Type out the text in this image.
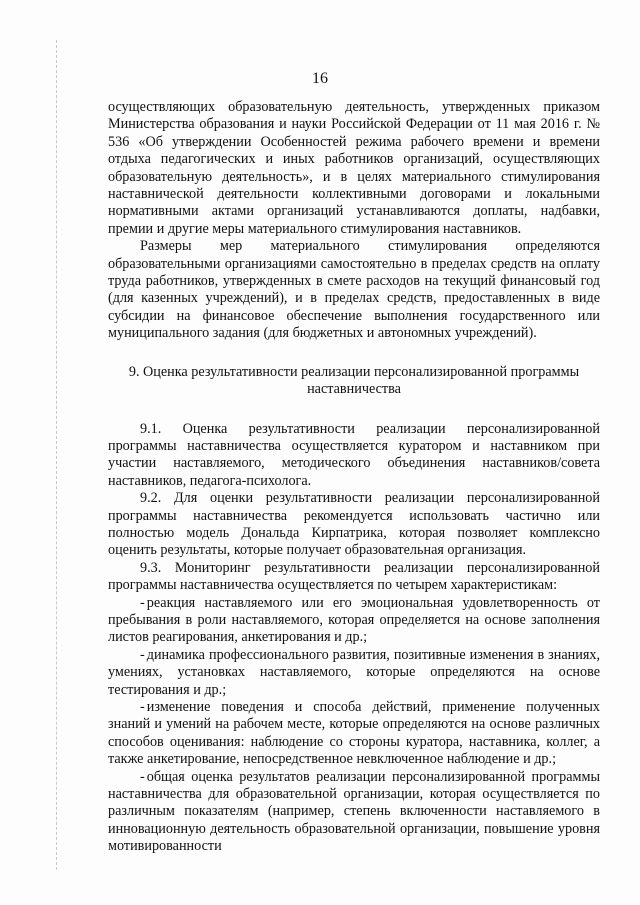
16

осуществляющих образовательную деятельность, утвержденных приказом Министерства образования и науки Российской Федерации от 11 мая 2016 г. № 536 «Об утверждении Особенностей режима рабочего времени и времени отдыха педагогических и иных работников организаций, осуществляющих образовательную деятельность», и в целях материального стимулирования наставнической деятельности коллективными договорами и локальными нормативными актами организаций устанавливаются доплаты, надбавки, премии и другие меры материального стимулирования наставников.

Размеры мер материального стимулирования определяются образовательными организациями самостоятельно в пределах средств на оплату труда работников, утвержденных в смете расходов на текущий финансовый год (для казенных учреждений), и в пределах средств, предоставленных в виде субсидии на финансовое обеспечение выполнения государственного или муниципального задания (для бюджетных и автономных учреждений).

9. Оценка результативности реализации персонализированной программы наставничества

9.1. Оценка результативности реализации персонализированной программы наставничества осуществляется куратором и наставником при участии наставляемого, методического объединения наставников/совета наставников, педагога-психолога.

9.2. Для оценки результативности реализации персонализированной программы наставничества рекомендуется использовать частично или полностью модель Дональда Кирпатрика, которая позволяет комплексно оценить результаты, которые получает образовательная организация.

9.3. Мониторинг результативности реализации персонализированной программы наставничества осуществляется по четырем характеристикам:

- реакция наставляемого или его эмоциональная удовлетворенность от пребывания в роли наставляемого, которая определяется на основе заполнения листов реагирования, анкетирования и др.;
- динамика профессионального развития, позитивные изменения в знаниях, умениях, установках наставляемого, которые определяются на основе тестирования и др.;
- изменение поведения и способа действий, применение полученных знаний и умений на рабочем месте, которые определяются на основе различных способов оценивания: наблюдение со стороны куратора, наставника, коллег, а также анкетирование, непосредственное невключенное наблюдение и др.;
- общая оценка результатов реализации персонализированной программы наставничества для образовательной организации, которая осуществляется по различным показателям (например, степень включенности наставляемого в инновационную деятельность образовательной организации, повышение уровня мотивированности
